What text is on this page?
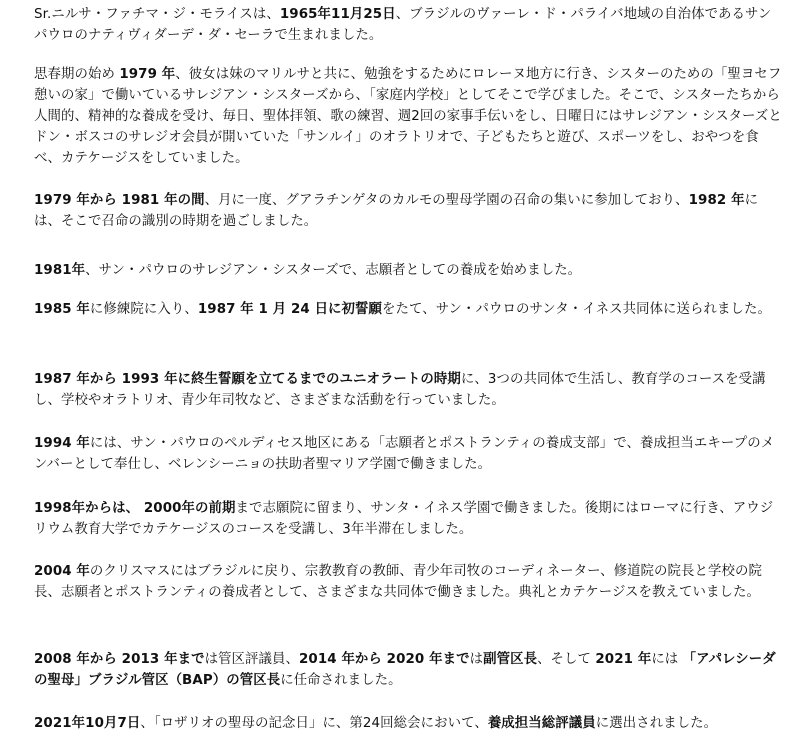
Sr.ニルサ・ファチマ・ジ・モライスは、1965年11月25日、ブラジルのヴァーレ・ド・パライバ地域の自治体であるサンパウロのナティヴィダーデ・ダ・セーラで生まれました。

思春期の始め 1979 年、彼女は妹のマリルサと共に、勉強をするためにロレーヌ地方に行き、シスターのための「聖ヨセフ憩いの家」で働いているサレジアン・シスターズから、「家庭内学校」としてそこで学びました。そこで、シスターたちから人間的、精神的な養成を受け、毎日、聖体拝領、歌の練習、週2回の家事手伝いをし、日曜日にはサレジアン・シスターズとドン・ボスコのサレジオ会員が開いていた「サンルイ」のオラトリオで、子どもたちと遊び、スポーツをし、おやつを食べ、カテケージスをしていました。

1979 年から 1981 年の間、月に一度、グアラチンゲタのカルモの聖母学園の召命の集いに参加しており、1982 年には、そこで召命の識別の時期を過ごしました。

1981年、サン・パウロのサレジアン・シスターズで、志願者としての養成を始めました。

1985 年に修練院に入り、1987 年 1 月 24 日に初誓願をたて、サン・パウロのサンタ・イネス共同体に送られました。

1987 年から 1993 年に終生誓願を立てるまでのユニオラートの時期に、3つの共同体で生活し、教育学のコースを受講し、学校やオラトリオ、青少年司牧など、さまざまな活動を行っていました。

1994 年には、サン・パウロのペルディセス地区にある「志願者とポストランティの養成支部」で、養成担当エキープのメンバーとして奉仕し、ベレンシーニョの扶助者聖マリア学園で働きました。

1998年からは、 2000年の前期まで志願院に留まり、サンタ・イネス学園で働きました。後期にはローマに行き、アウジリウム教育大学でカテケージスのコースを受講し、3年半滞在しました。

2004 年のクリスマスにはブラジルに戻り、宗教教育の教師、青少年司牧のコーディネーター、修道院の院長と学校の院長、志願者とポストランティの養成者として、さまざまな共同体で働きました。典礼とカテケージスを教えていました。

2008 年から 2013 年までは管区評議員、2014 年から 2020 年までは副管区長、そして 2021 年には 「アパレシーダの聖母」ブラジル管区（BAP）の管区長に任命されました。

2021年10月7日、「ロザリオの聖母の記念日」に、第24回総会において、養成担当総評議員に選出されました。
